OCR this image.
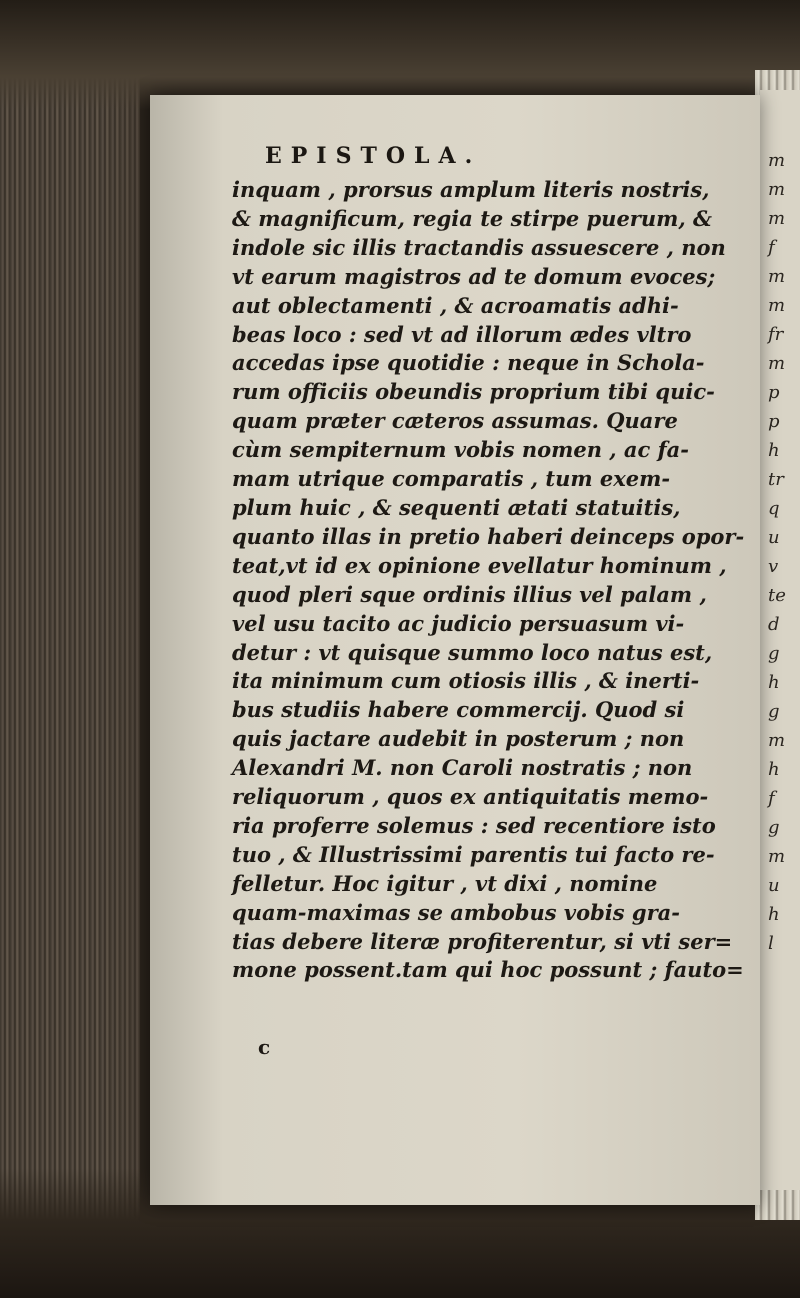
m
m
m
f
m
m
fr
m
p
p
h
tr
q
u
v
te
d
g
h
g
m
h
f
g
m
u
h
l
EPISTOLA.
inquam , prorsus amplum literis nostris,
& magnificum, regia te stirpe puerum, &
indole sic illis tractandis assuescere , non
vt earum magistros ad te domum evoces;
aut oblectamenti , & acroamatis adhi-
beas loco : sed vt ad illorum ædes vltro
accedas ipse quotidie : neque in Schola-
rum officiis obeundis proprium tibi quic-
quam præter cæteros assumas. Quare
cùm sempiternum vobis nomen , ac fa-
mam utrique comparatis , tum exem-
plum huic , & sequenti ætati statuitis,
quanto illas in pretio haberi deinceps opor-
teat,vt id ex opinione evellatur hominum ,
quod pleri sque ordinis illius vel palam ,
vel usu tacito ac judicio persuasum vi-
detur : vt quisque summo loco natus est,
ita minimum cum otiosis illis , & inerti-
bus studiis habere commercij. Quod si
quis jactare audebit in posterum ; non
Alexandri M. non Caroli nostratis ; non
reliquorum , quos ex antiquitatis memo-
ria proferre solemus : sed recentiore isto
tuo , & Illustrissimi parentis tui facto re-
felletur. Hoc igitur , vt dixi , nomine
quam-maximas se ambobus vobis gra-
tias debere literæ profiterentur, si vti ser=
mone possent.tam qui hoc possunt ; fauto=
c
